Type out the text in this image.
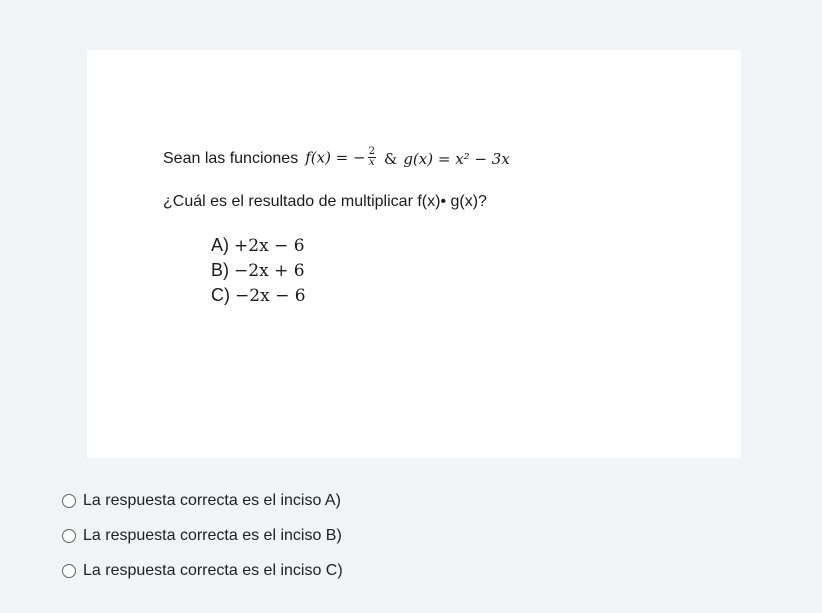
Sean las funciones f(x) = − $\frac{2}{x}$ & g(x) = x² − 3x
¿Cuál es el resultado de multiplicar f(x)• g(x)?
A) +2x − 6
B) −2x + 6
C) −2x − 6
La respuesta correcta es el inciso A)
La respuesta correcta es el inciso B)
La respuesta correcta es el inciso C)
